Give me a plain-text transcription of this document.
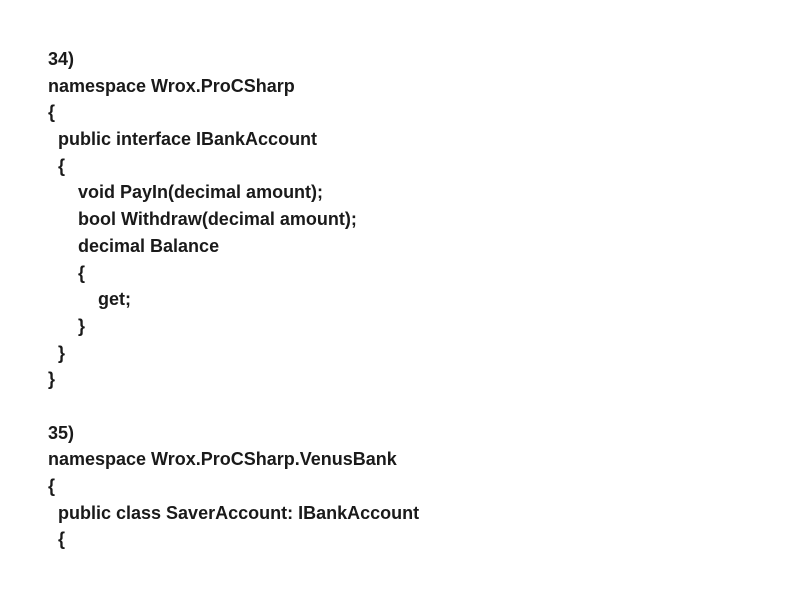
34)
namespace Wrox.ProCSharp
{
public interface IBankAccount
{
void PayIn(decimal amount);
bool Withdraw(decimal amount);
decimal Balance
{
get;
}
}
}
35)
namespace Wrox.ProCSharp.VenusBank
{
public class SaverAccount: IBankAccount
{
